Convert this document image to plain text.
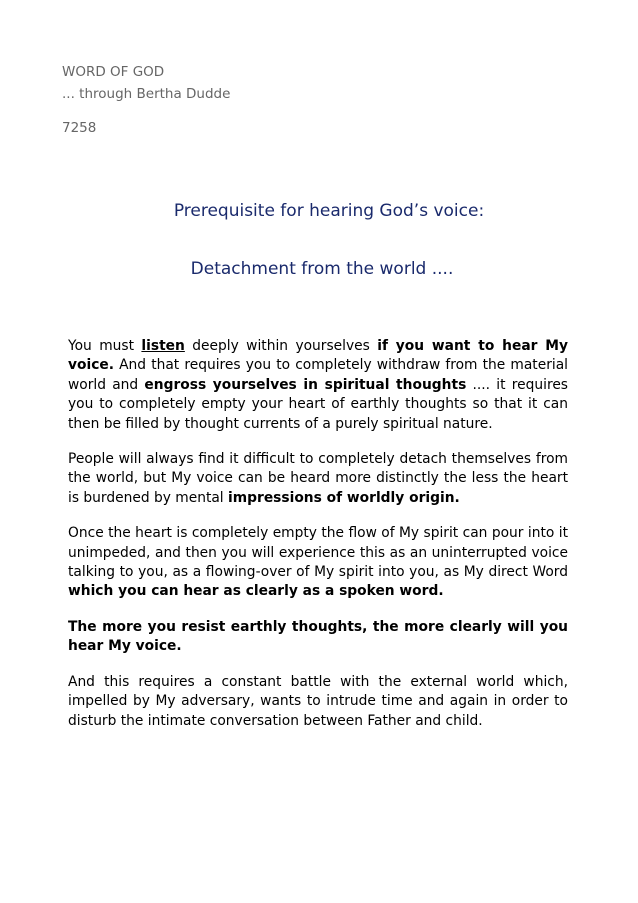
WORD OF GOD
... through Bertha Dudde
7258
Prerequisite for hearing God’s voice:
Detachment from the world ....

You must listen deeply within yourselves if you want to hear My voice. And that requires you to completely withdraw from the material world and engross yourselves in spiritual thoughts .... it requires you to completely empty your heart of earthly thoughts so that it can then be filled by thought currents of a purely spiritual nature.

People will always find it difficult to completely detach themselves from the world, but My voice can be heard more distinctly the less the heart is burdened by mental impressions of worldly origin.

Once the heart is completely empty the flow of My spirit can pour into it unimpeded, and then you will experience this as an uninterrupted voice talking to you, as a flowing-over of My spirit into you, as My direct Word which you can hear as clearly as a spoken word.

The more you resist earthly thoughts, the more clearly will you hear My voice.

And this requires a constant battle with the external world which, impelled by My adversary, wants to intrude time and again in order to disturb the intimate conversation between Father and child.
